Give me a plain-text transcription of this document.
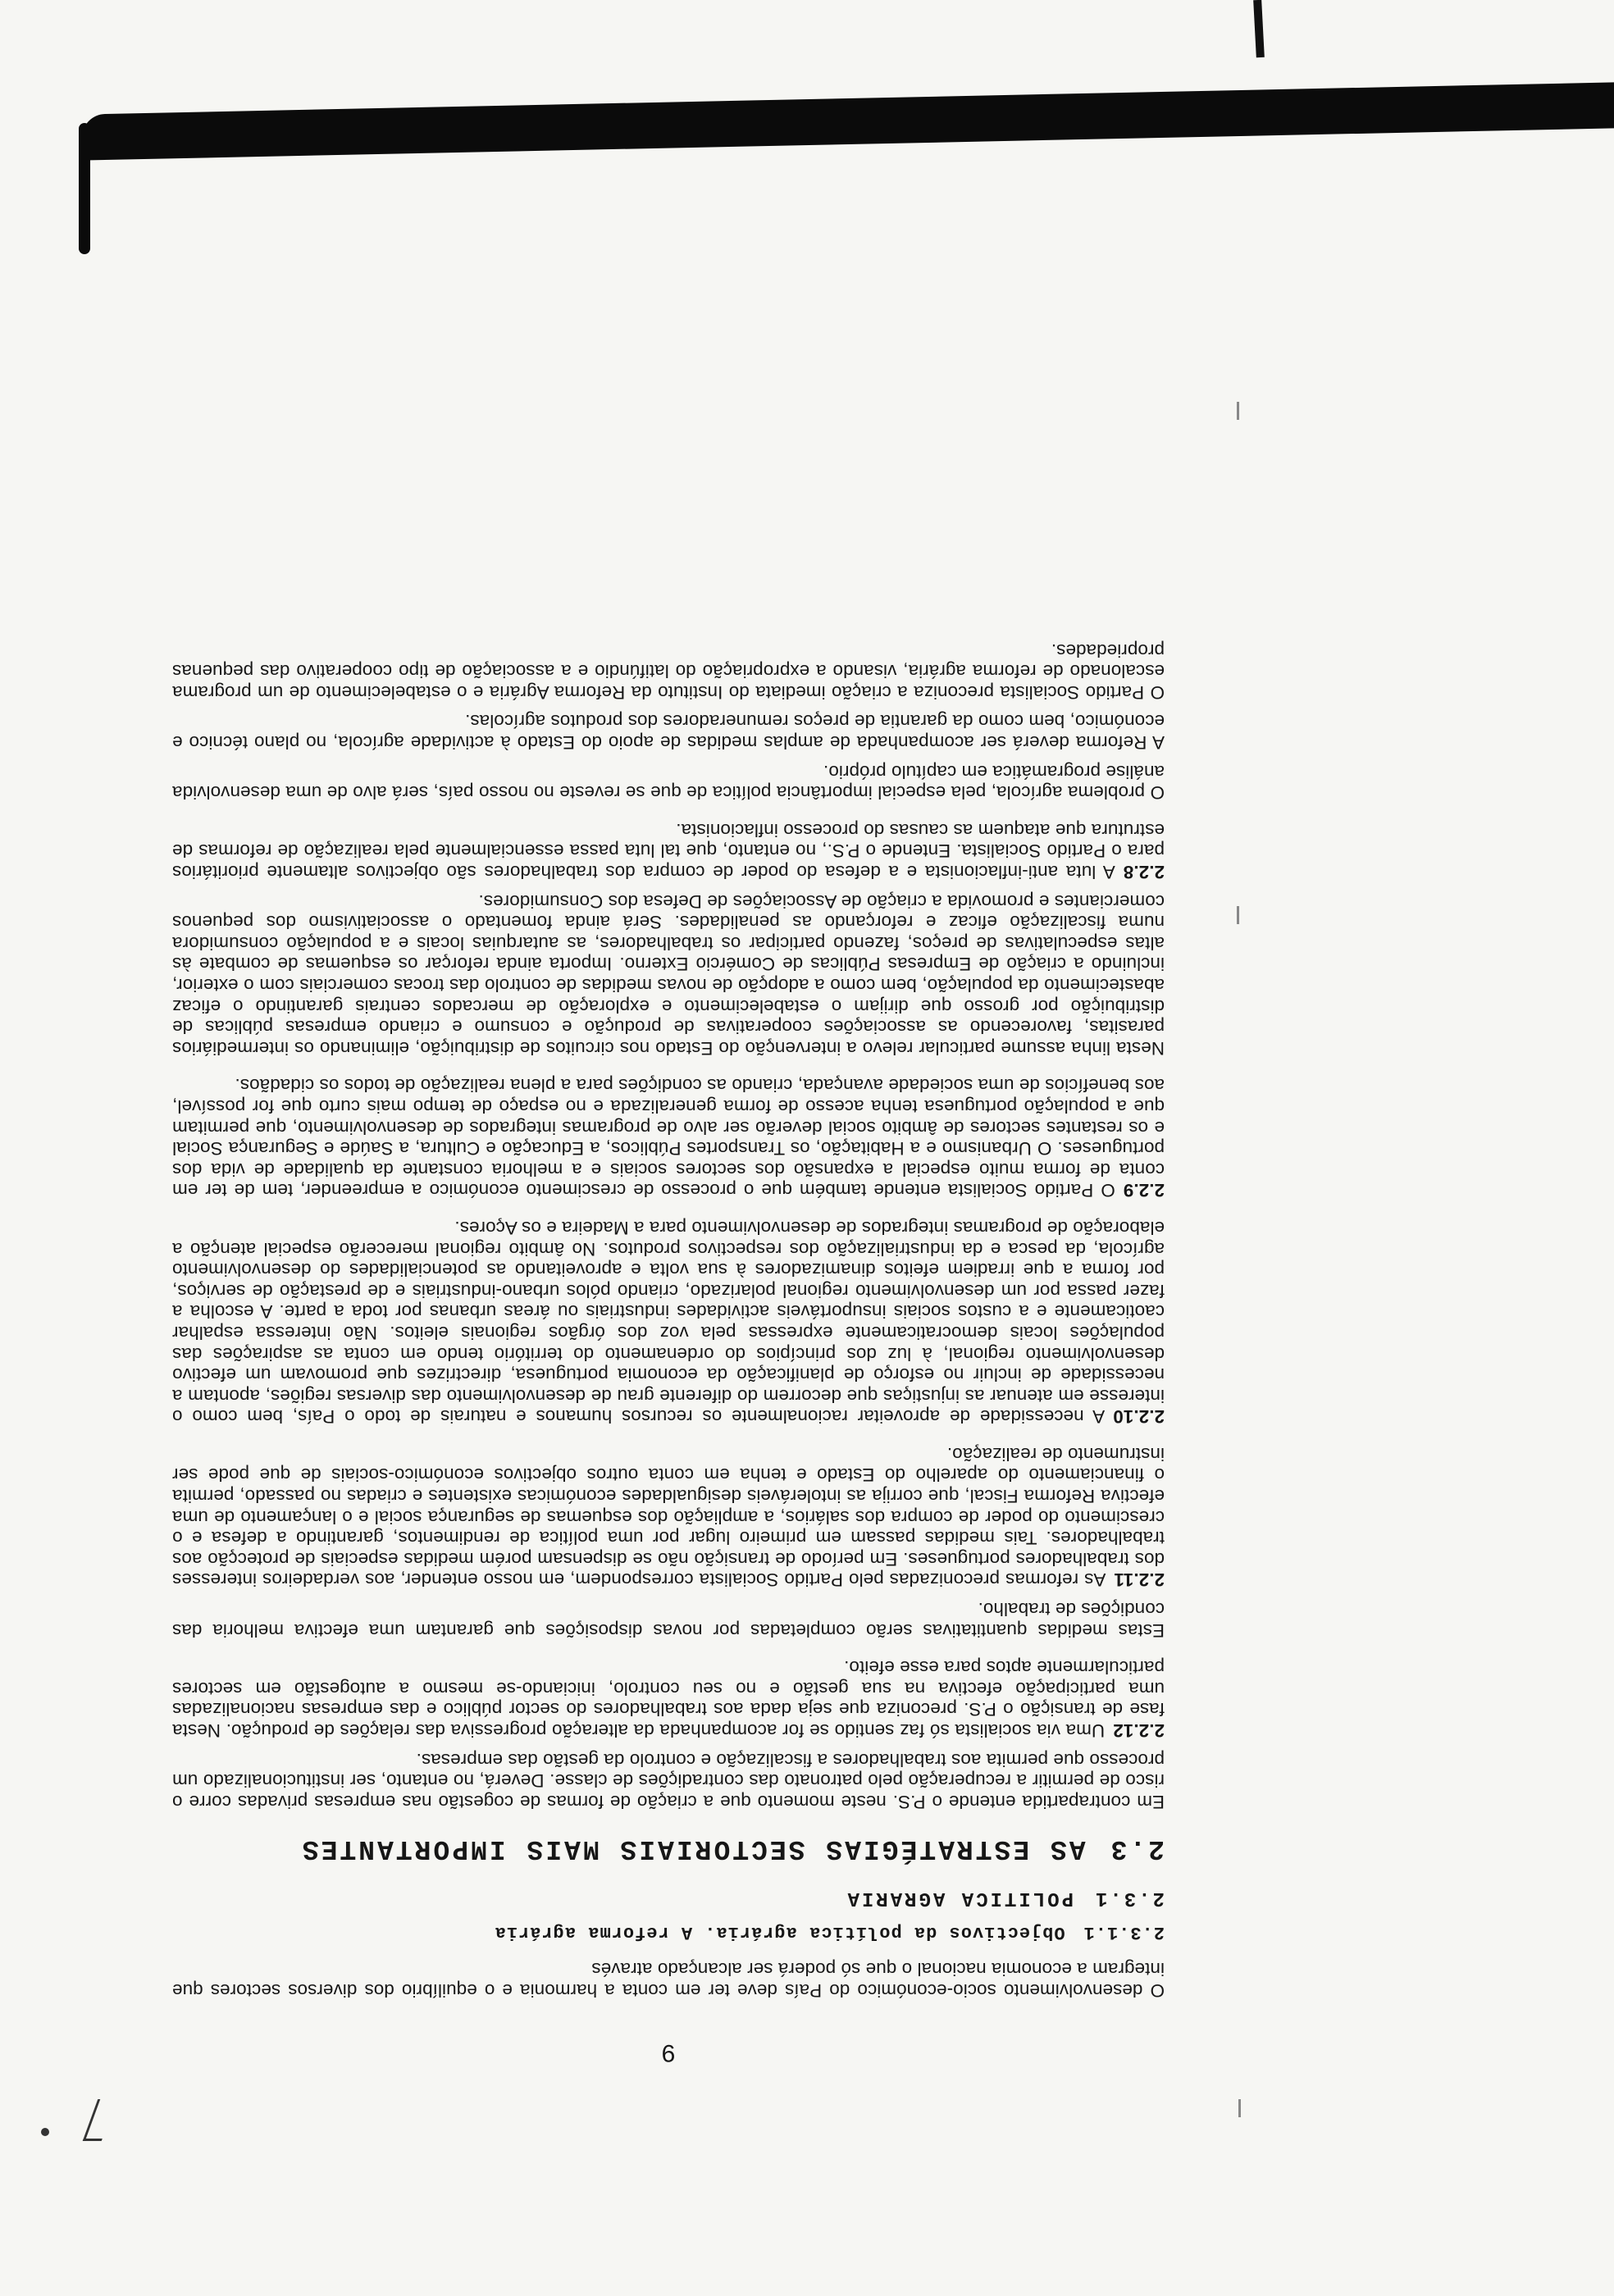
9

O desenvolvimento socio-económico do País deve ter em conta a harmonia e o equilíbrio dos diversos sectores que integram a economia nacional o que só poderá ser alcançado através

2.3.1.1Objectivos da política agrária. A reforma agrária
2.3.1POLITICA AGRARIA
2.3AS ESTRATÉGIAS SECTORIAIS MAIS IMPORTANTES

Em contrapartida entende o P.S. neste momento que a criação de formas de cogestão nas empresas privadas corre o risco de permitir a recuperação pelo patronato das contradições de classe. Deverá, no entanto, ser institucionalizado um processo que permita aos trabalhadores a fiscalização e controlo da gestão das empresas.

2.2.12Uma via socialista só faz sentido se for acompanhada da alteração progressiva das relações de produção. Nesta fase de transição o P.S. preconiza que seja dada aos trabalhadores do sector público e das empresas nacionalizadas uma participação efectiva na sua gestão e no seu controlo, iniciando-se mesmo a autogestão em sectores particularmente aptos para esse efeito.

Estas medidas quantitativas serão completadas por novas disposições que garantam uma efectiva melhoria das condições de trabalho.

2.2.11As reformas preconizadas pelo Partido Socialista correspondem, em nosso entender, aos verdadeiros interesses dos trabalhadores portugueses. Em período de transição não se dispensam porém medidas especiais de protecção aos trabalhadores. Tais medidas passam em primeiro lugar por uma política de rendimentos, garantindo a defesa e o crescimento do poder de compra dos salários, a ampliação dos esquemas de segurança social e o lançamento de uma efectiva Reforma Fiscal, que corrija as intoleráveis desigualdades económicas existentes e criadas no passado, permita o financiamento do aparelho do Estado e tenha em conta outros objectivos económico-sociais de que pode ser instrumento de realização.

2.2.10A necessidade de aproveitar racionalmente os recursos humanos e naturais de todo o País, bem como o interesse em atenuar as injustiças que decorrem do diferente grau de desenvolvimento das diversas regiões, apontam a necessidade de incluir no esforço de planificação da economia portuguesa, directrizes que promovam um efectivo desenvolvimento regional, à luz dos princípios do ordenamento do território tendo em conta as aspirações das populações locais democraticamente expressas pela voz dos órgãos regionais eleitos. Não interessa espalhar caoticamente e a custos sociais insuportáveis actividades industriais ou áreas urbanas por toda a parte. A escolha a fazer passa por um desenvolvimento regional polarizado, criando pólos urbano-industriais e de prestação de serviços, por forma a que irradiem efeitos dinamizadores à sua volta e aproveitando as potencialidades do desenvolvimento agrícola, da pesca e da industrialização dos respectivos produtos. No âmbito regional merecerão especial atenção a elaboração de programas integrados de desenvolvimento para a Madeira e os Açores.

2.2.9O Partido Socialista entende também que o processo de crescimento económico a empreender, tem de ter em conta de forma muito especial a expansão dos sectores sociais e a melhoria constante da qualidade de vida dos portugueses. O Urbanismo e a Habitação, os Transportes Públicos, a Educação e Cultura, a Saúde e Segurança Social e os restantes sectores de âmbito social deverão ser alvo de programas integrados de desenvolvimento, que permitam que a população portuguesa tenha acesso de forma generalizada e no espaço de tempo mais curto que for possível, aos benefícios de uma sociedade avançada, criando as condições para a plena realização de todos os cidadãos.

Nesta linha assume particular relevo a intervenção do Estado nos circuitos de distribuição, eliminando os intermediários parasitas, favorecendo as associações cooperativas de produção e consumo e criando empresas públicas de distribuição por grosso que dirijam o estabelecimento e exploração de mercados centrais garantindo o eficaz abastecimento da população, bem como a adopção de novas medidas de controlo das trocas comerciais com o exterior, incluindo a criação de Empresas Públicas de Comércio Externo. Importa ainda reforçar os esquemas de combate às altas especulativas de preços, fazendo participar os trabalhadores, as autarquias locais e a população consumidora numa fiscalização eficaz e reforçando as penalidades. Será ainda fomentado o associativismo dos pequenos comerciantes e promovida a criação de Associações de Defesa dos Consumidores.

2.2.8A luta anti-inflacionista e a defesa do poder de compra dos trabalhadores são objectivos altamente prioritários para o Partido Socialista. Entende o P.S., no entanto, que tal luta passa essencialmente pela realização de reformas de estrutura que ataquem as causas do processo inflacionista.

O problema agrícola, pela especial importância política de que se reveste no nosso país, será alvo de uma desenvolvida análise programática em capítulo próprio.

A Reforma deverá ser acompanhada de amplas medidas de apoio do Estado à actividade agrícola, no plano técnico e económico, bem como da garantia de preços remuneradores dos produtos agrícolas.

O Partido Socialista preconiza a criação imediata do Instituto da Reforma Agrária e o estabelecimento de um programa escalonado de reforma agrária, visando a expropriação do latifúndio e a associação de tipo cooperativo das pequenas propriedades.
